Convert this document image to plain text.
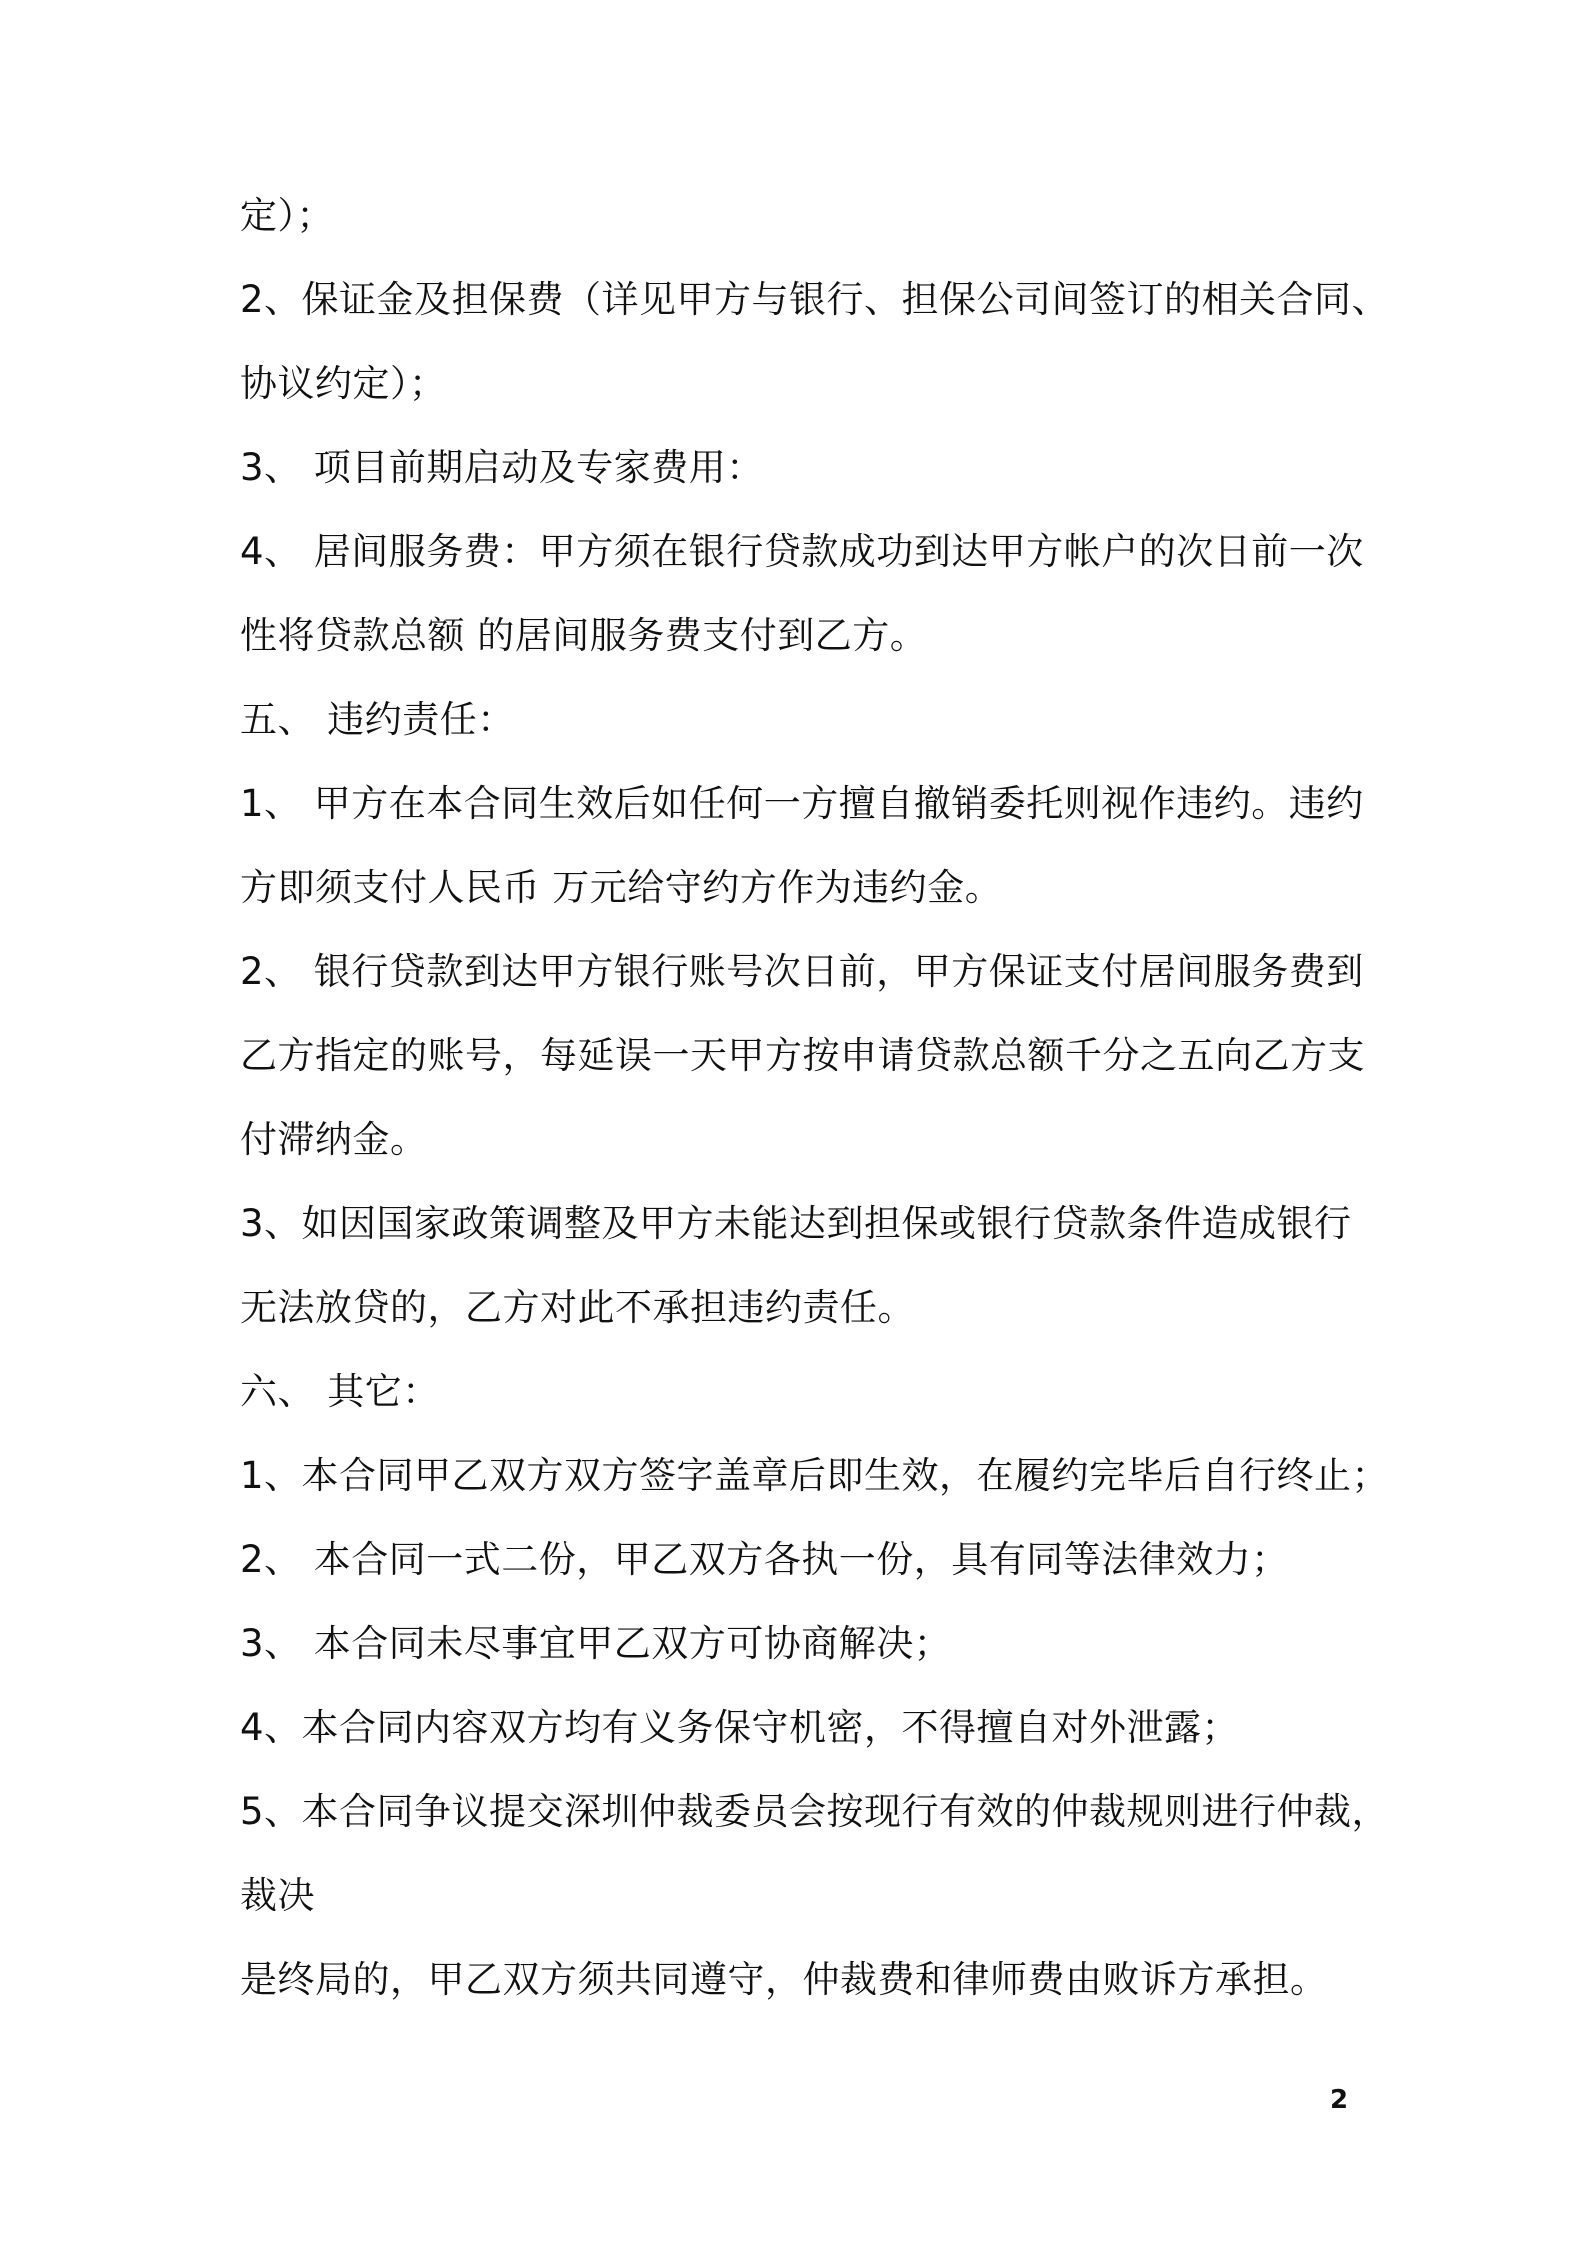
定）；
2、保证金及担保费（详见甲方与银行、担保公司间签订的相关合同、
协议约定）；
3、 项目前期启动及专家费用：
4、 居间服务费：甲方须在银行贷款成功到达甲方帐户的次日前一次
性将贷款总额 的居间服务费支付到乙方。
五、 违约责任：
1、 甲方在本合同生效后如任何一方擅自撤销委托则视作违约。违约
方即须支付人民币 万元给守约方作为违约金。
2、 银行贷款到达甲方银行账号次日前，甲方保证支付居间服务费到
乙方指定的账号，每延误一天甲方按申请贷款总额千分之五向乙方支
付滞纳金。
3、如因国家政策调整及甲方未能达到担保或银行贷款条件造成银行
无法放贷的，乙方对此不承担违约责任。
六、 其它：
1、本合同甲乙双方双方签字盖章后即生效，在履约完毕后自行终止；
2、 本合同一式二份，甲乙双方各执一份，具有同等法律效力；
3、 本合同未尽事宜甲乙双方可协商解决；
4、本合同内容双方均有义务保守机密，不得擅自对外泄露；
5、本合同争议提交深圳仲裁委员会按现行有效的仲裁规则进行仲裁，
裁决
是终局的，甲乙双方须共同遵守，仲裁费和律师费由败诉方承担。
2
